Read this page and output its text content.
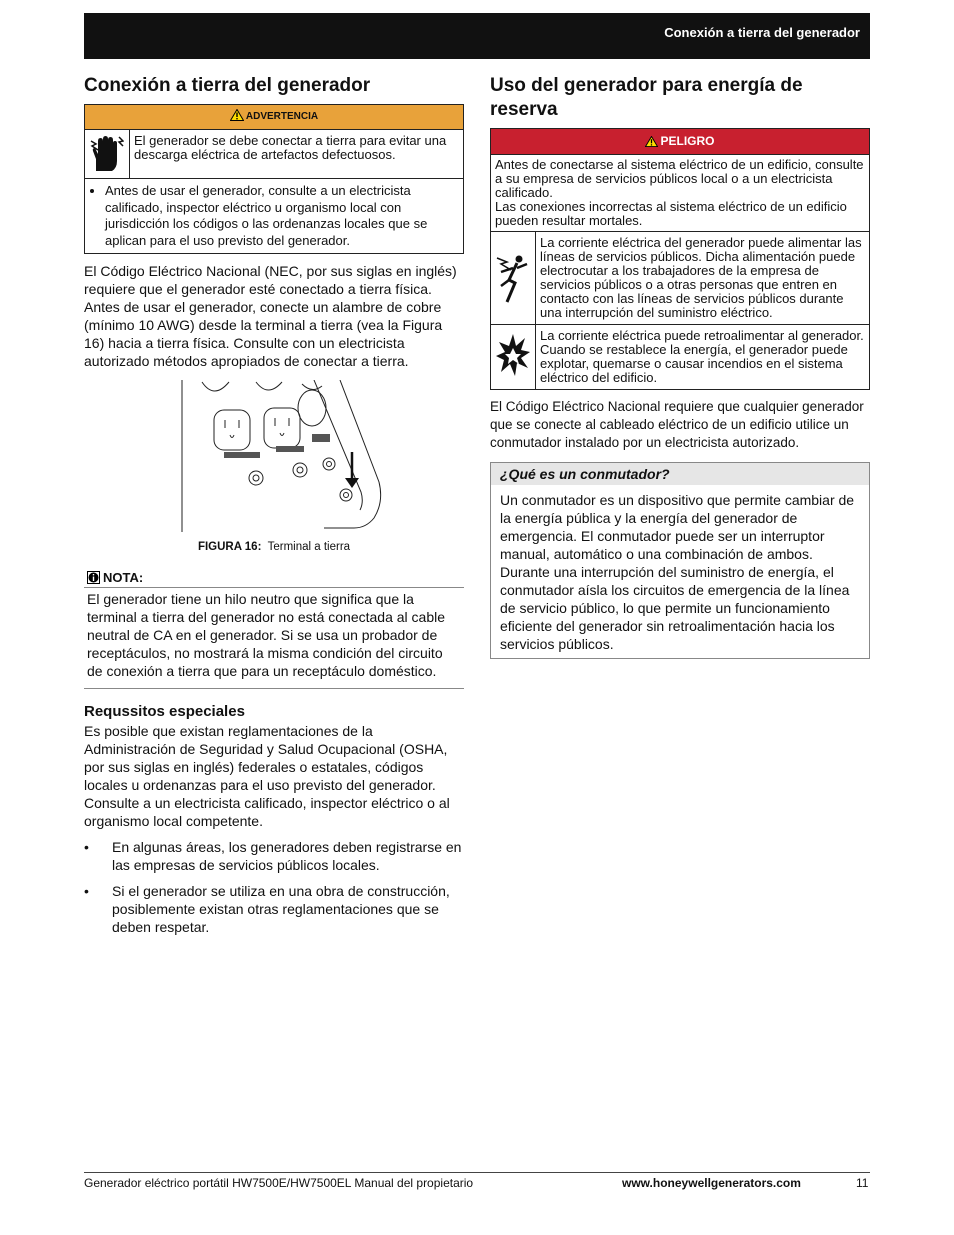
Conexión a tierra del generador
Conexión a tierra del generador
ADVERTENCIA
El generador se debe conectar a tierra para evitar una descarga eléctrica de artefactos defectuosos.
• Antes de usar el generador, consulte a un electricista calificado, inspector eléctrico u organismo local con jurisdicción los códigos o las ordenanzas locales que se aplican para el uso previsto del generador.

El Código Eléctrico Nacional (NEC, por sus siglas en inglés) requiere que el generador esté conectado a tierra física. Antes de usar el generador, conecte un alambre de cobre (mínimo 10 AWG) desde la terminal a tierra (vea la Figura 16) hacia a tierra física. Consulte con un electricista autorizado métodos apropiados de conectar a tierra.

FIGURA 16: Terminal a tierra
NOTA:
El generador tiene un hilo neutro que significa que la terminal a tierra del generador no está conectada al cable neutral de CA en el generador. Si se usa un probador de receptáculos, no mostrará la misma condición del circuito de conexión a tierra que para un receptáculo doméstico.
Requssitos especiales

Es posible que existan reglamentaciones de la Administración de Seguridad y Salud Ocupacional (OSHA, por sus siglas en inglés) federales o estatales, códigos locales u ordenanzas para el uso previsto del generador. Consulte a un electricista calificado, inspector eléctrico o al organismo local competente.

• En algunas áreas, los generadores deben registrarse en las empresas de servicios públicos locales.
• Si el generador se utiliza en una obra de construcción, posiblemente existan otras reglamentaciones que se deben respetar.
Uso del generador para energía de reserva
PELIGRO
Antes de conectarse al sistema eléctrico de un edificio, consulte a su empresa de servicios públicos local o a un electricista calificado.
Las conexiones incorrectas al sistema eléctrico de un edificio pueden resultar mortales.
La corriente eléctrica del generador puede alimentar las líneas de servicios públicos. Dicha alimentación puede electrocutar a los trabajadores de la empresa de servicios públicos o a otras personas que entren en contacto con las líneas de servicios públicos durante una interrupción del suministro eléctrico.
La corriente eléctrica puede retroalimentar al generador. Cuando se restablece la energía, el generador puede explotar, quemarse o causar incendios en el sistema eléctrico del edificio.

El Código Eléctrico Nacional requiere que cualquier generador que se conecte al cableado eléctrico de un edificio utilice un conmutador instalado por un electricista autorizado.

¿Qué es un conmutador?
Un conmutador es un dispositivo que permite cambiar de la energía pública y la energía del generador de emergencia. El conmutador puede ser un interruptor manual, automático o una combinación de ambos. Durante una interrupción del suministro de energía, el conmutador aísla los circuitos de emergencia de la línea de servicio público, lo que permite un funcionamiento eficiente del generador sin retroalimentación hacia los servicios públicos.
Generador eléctrico portátil HW7500E/HW7500EL Manual del propietario	www.honeywellgenerators.com	11
